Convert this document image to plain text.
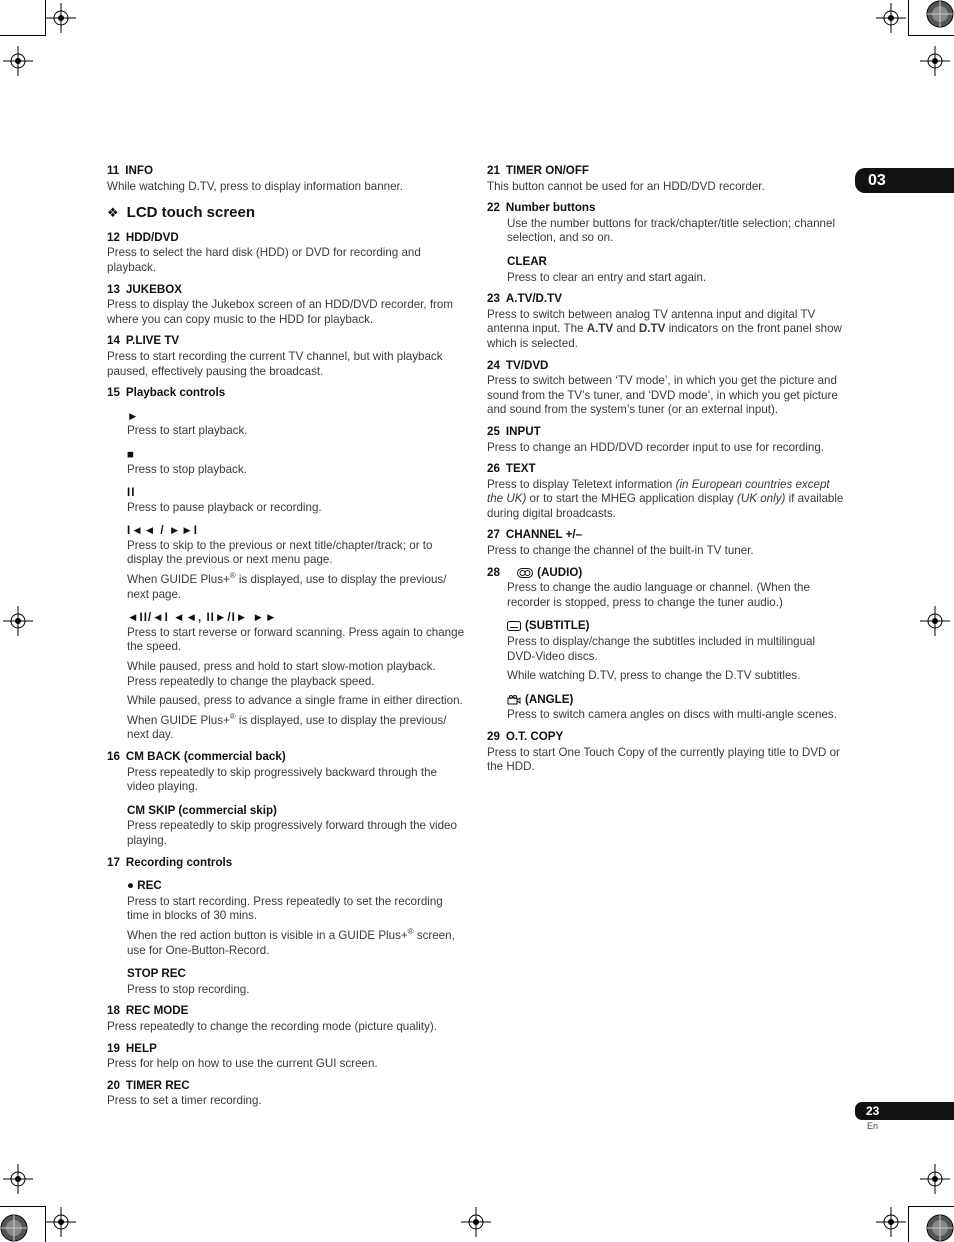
03
23
En
11 INFO

While watching D.TV, press to display information banner.

❖ LCD touch screen
12 HDD/DVD

Press to select the hard disk (HDD) or DVD for recording and playback.

13 JUKEBOX

Press to display the Jukebox screen of an HDD/DVD recorder, from where you can copy music to the HDD for playback.

14 P.LIVE TV

Press to start recording the current TV channel, but with playback paused, effectively pausing the broadcast.

15 Playback controls
►

Press to start playback.

■

Press to stop playback.

II

Press to pause playback or recording.

I◄◄ / ►►I

Press to skip to the previous or next title/chapter/track; or to display the previous or next menu page.

When GUIDE Plus+® is displayed, use to display the previous/ next page.

◄II/◄I ◄◄, II►/I► ►►

Press to start reverse or forward scanning. Press again to change the speed.

While paused, press and hold to start slow-motion playback. Press repeatedly to change the playback speed.

While paused, press to advance a single frame in either direction.

When GUIDE Plus+® is displayed, use to display the previous/ next day.

16 CM BACK (commercial back)

Press repeatedly to skip progressively backward through the video playing.

CM SKIP (commercial skip)

Press repeatedly to skip progressively forward through the video playing.

17 Recording controls
● REC

Press to start recording. Press repeatedly to set the recording time in blocks of 30 mins.

When the red action button is visible in a GUIDE Plus+® screen, use for One-Button-Record.

STOP REC

Press to stop recording.

18 REC MODE

Press repeatedly to change the recording mode (picture quality).

19 HELP

Press for help on how to use the current GUI screen.

20 TIMER REC

Press to set a timer recording.

21 TIMER ON/OFF

This button cannot be used for an HDD/DVD recorder.

22 Number buttons

Use the number buttons for track/chapter/title selection; channel selection, and so on.

CLEAR

Press to clear an entry and start again.

23 A.TV/D.TV

Press to switch between analog TV antenna input and digital TV antenna input. The A.TV and D.TV indicators on the front panel show which is selected.

24 TV/DVD

Press to switch between ‘TV mode’, in which you get the picture and sound from the TV’s tuner, and ‘DVD mode’, in which you get picture and sound from the system’s tuner (or an external input).

25 INPUT

Press to change an HDD/DVD recorder input to use for recording.

26 TEXT

Press to display Teletext information (in European countries except the UK) or to start the MHEG application display (UK only) if available during digital broadcasts.

27 CHANNEL +/–

Press to change the channel of the built-in TV tuner.

28	(AUDIO)

Press to change the audio language or channel. (When the recorder is stopped, press to change the tuner audio.)

(SUBTITLE)

Press to display/change the subtitles included in multilingual DVD-Video discs.

While watching D.TV, press to change the D.TV subtitles.

(ANGLE)

Press to switch camera angles on discs with multi-angle scenes.

29 O.T. COPY

Press to start One Touch Copy of the currently playing title to DVD or the HDD.
